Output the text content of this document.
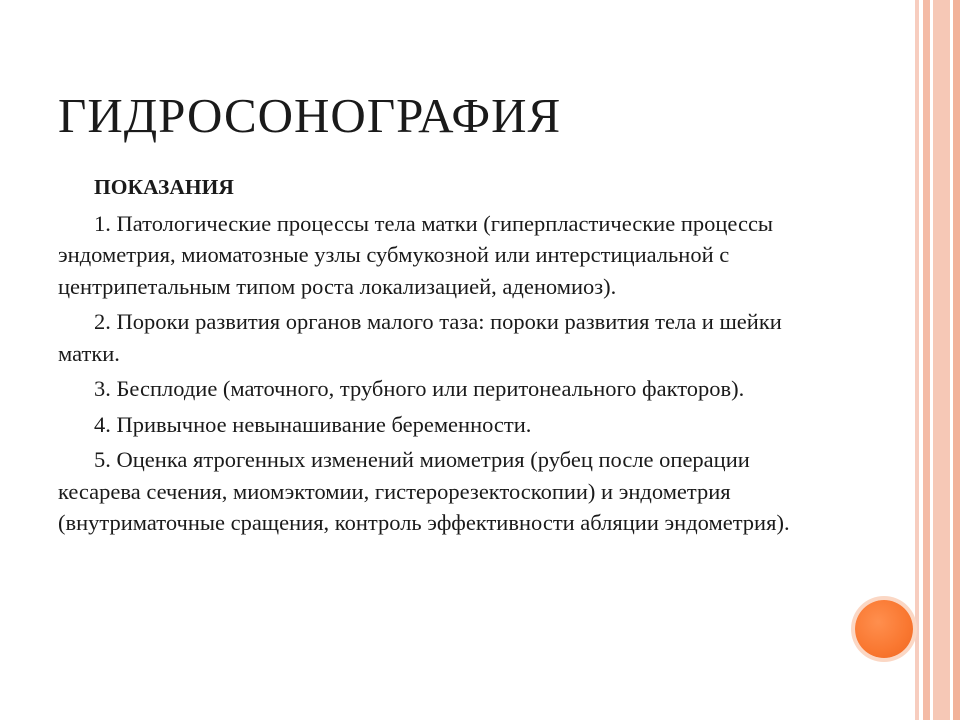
ГИДРОСОНОГРАФИЯ

ПОКАЗАНИЯ

1. Патологические процессы тела матки (гиперпластические процессы эндометрия, миоматозные узлы субмукозной или интерстициальной с центрипетальным типом роста локализацией, аденомиоз).

2. Пороки развития органов малого таза: пороки развития тела и шейки матки.

3. Бесплодие (маточного, трубного или перитонеального факторов).

4. Привычное невынашивание беременности.

5. Оценка ятрогенных изменений миометрия (рубец после операции кесарева сечения, миомэктомии, гистерорезектоскопии) и эндометрия (внутриматочные сращения, контроль эффективности абляции эндометрия).
